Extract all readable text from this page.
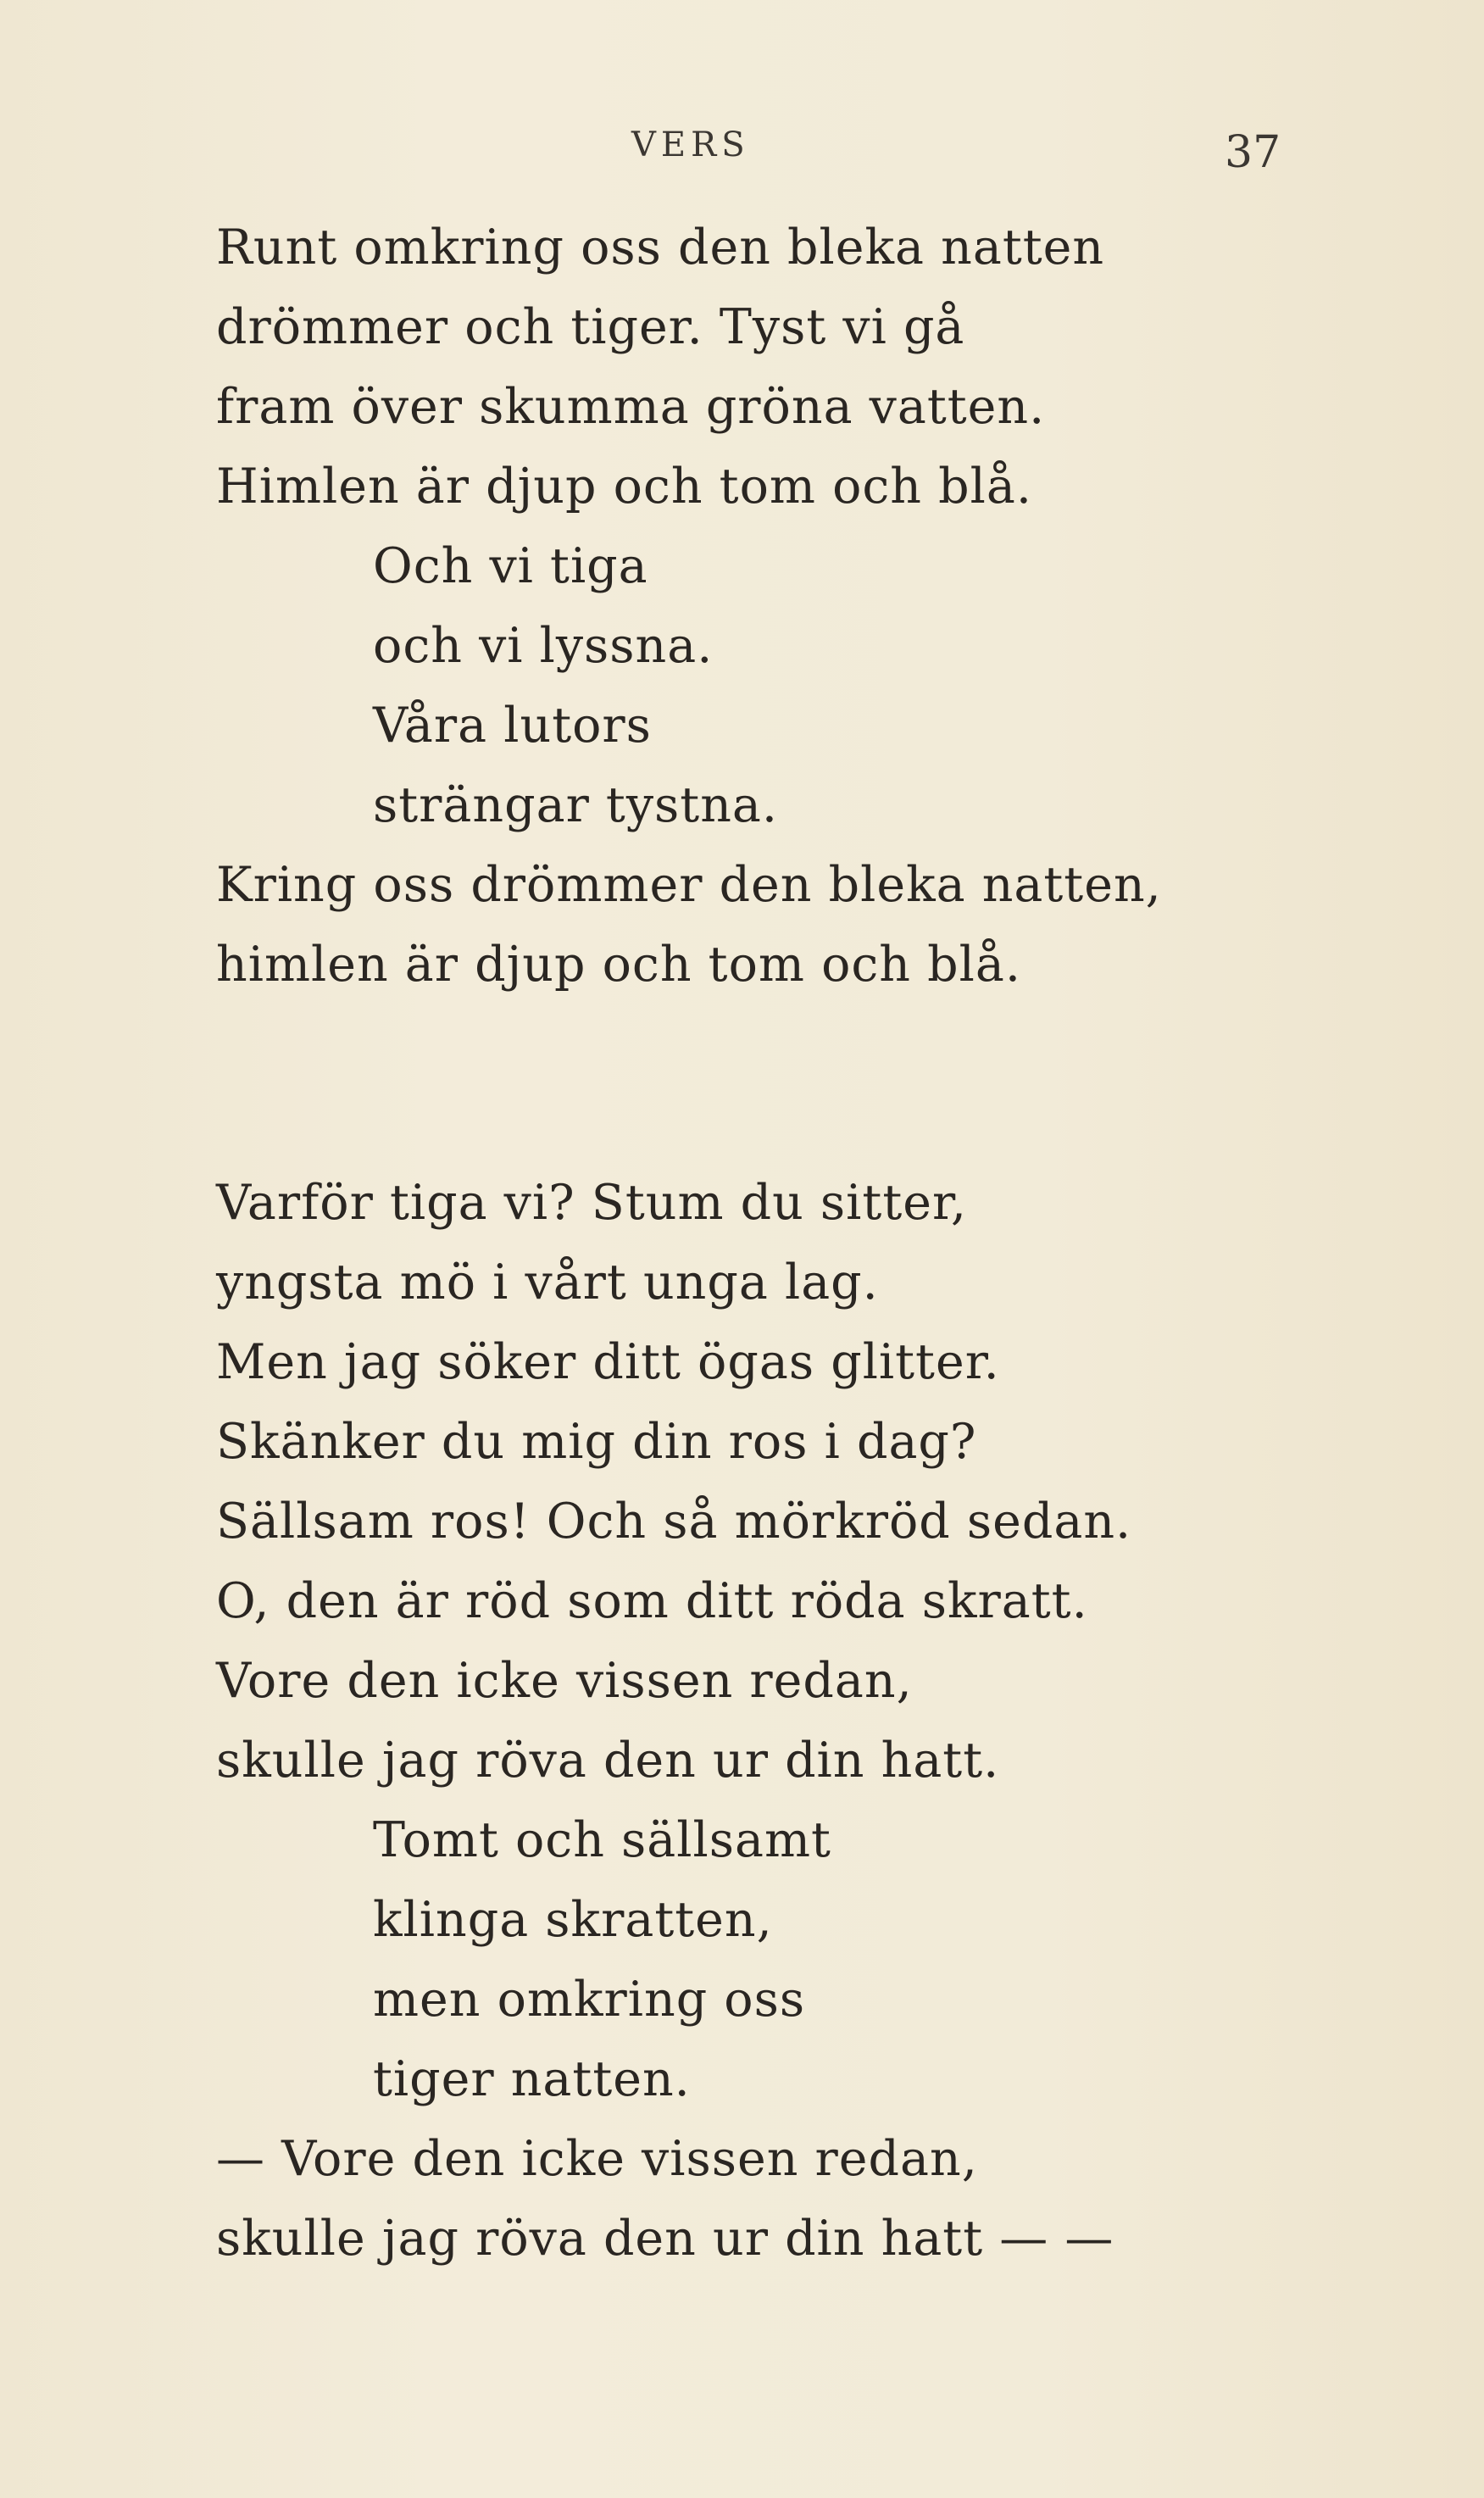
VERS	37
Runt omkring oss den bleka natten
drömmer och tiger. Tyst vi gå
fram över skumma gröna vatten.
Himlen är djup och tom och blå.
Och vi tiga
och vi lyssna.
Våra lutors
strängar tystna.
Kring oss drömmer den bleka natten,
himlen är djup och tom och blå.
Varför tiga vi? Stum du sitter,
yngsta mö i vårt unga lag.
Men jag söker ditt ögas glitter.
Skänker du mig din ros i dag?
Sällsam ros! Och så mörkröd sedan.
O, den är röd som ditt röda skratt.
Vore den icke vissen redan,
skulle jag röva den ur din hatt.
Tomt och sällsamt
klinga skratten,
men omkring oss
tiger natten.
— Vore den icke vissen redan,
skulle jag röva den ur din hatt — —
